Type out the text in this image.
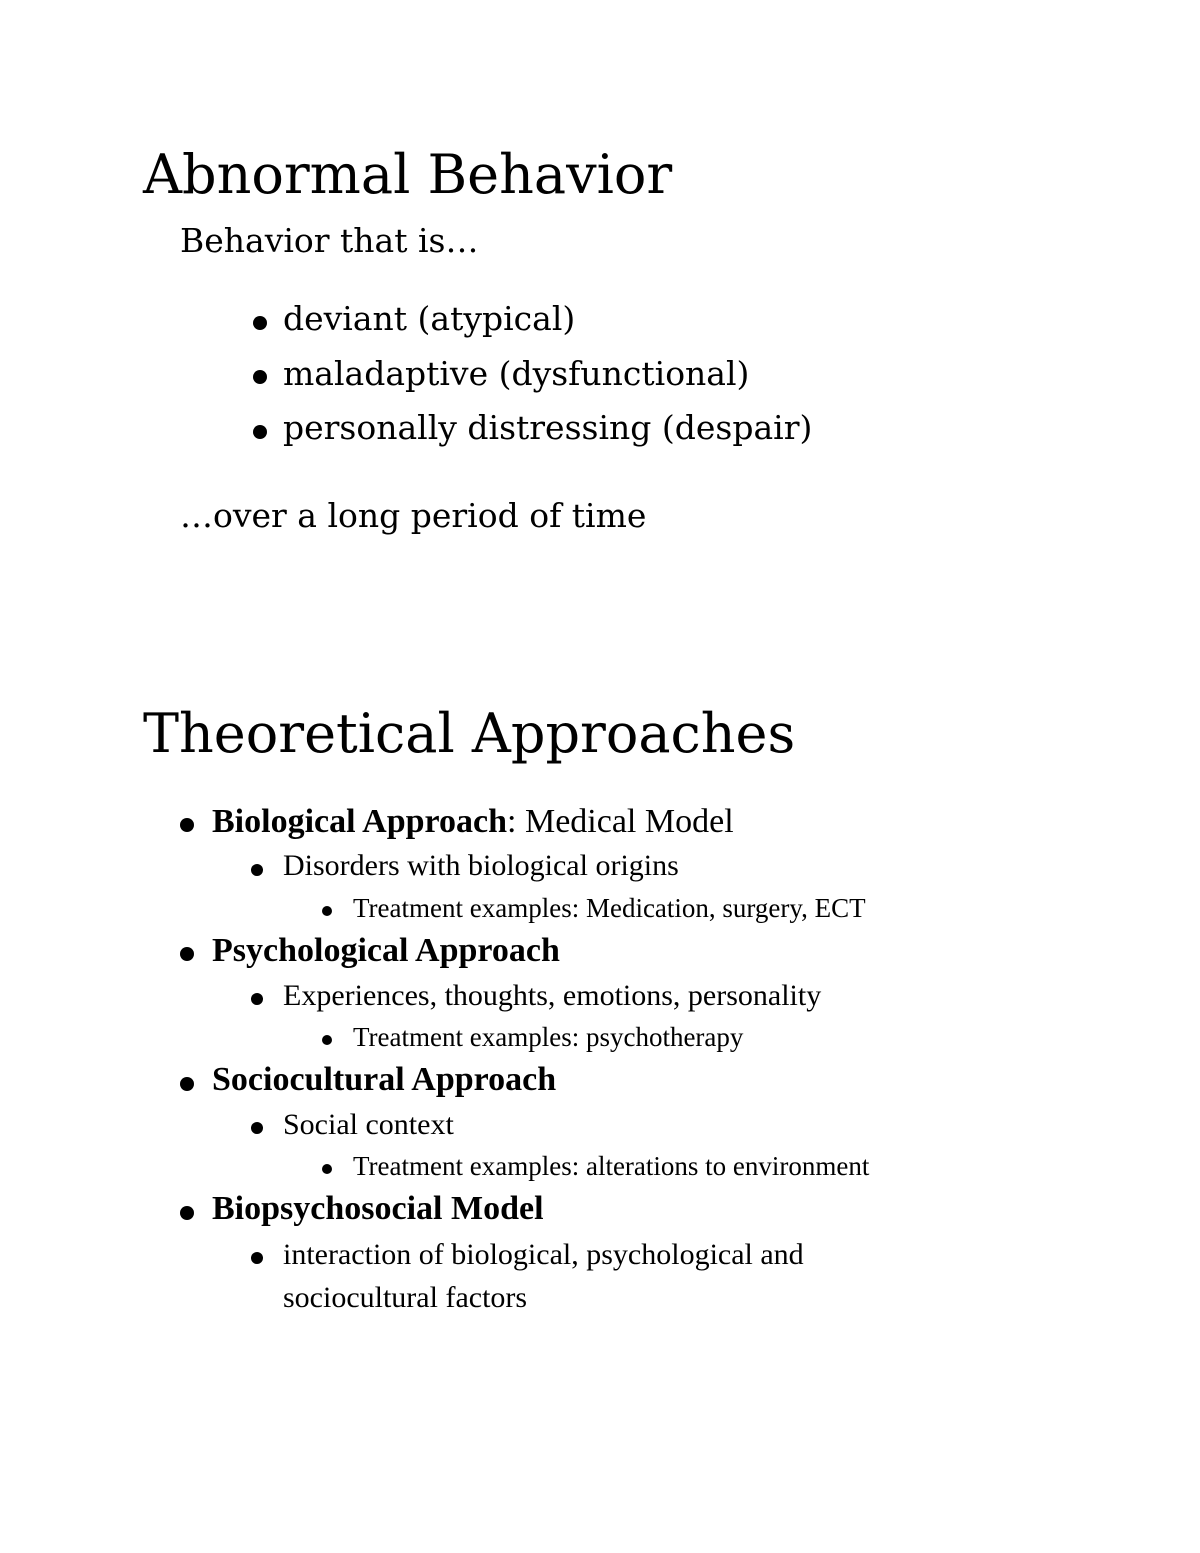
Abnormal Behavior
Behavior that is…
deviant (atypical)
maladaptive (dysfunctional)
personally distressing (despair)
…over a long period of time
Theoretical Approaches
Biological Approach: Medical Model
Disorders with biological origins
Treatment examples: Medication, surgery, ECT
Psychological Approach
Experiences, thoughts, emotions, personality
Treatment examples: psychotherapy
Sociocultural Approach
Social context
Treatment examples: alterations to environment
Biopsychosocial Model
interaction of biological, psychological and
sociocultural factors
